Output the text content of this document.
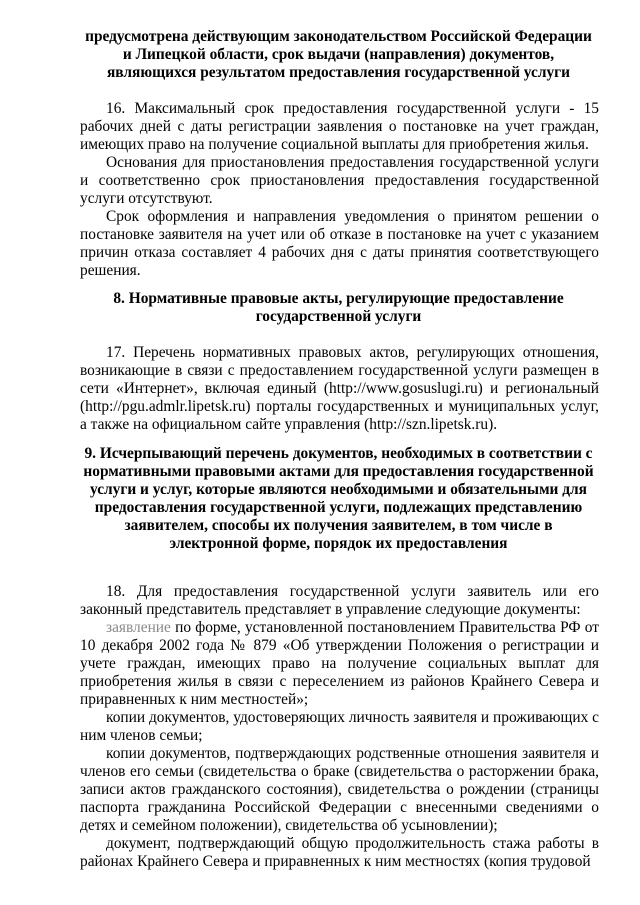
предусмотрена действующим законодательством Российской Федерации и Липецкой области, срок выдачи (направления) документов, являющихся результатом предоставления государственной услуги
16. Максимальный срок предоставления государственной услуги - 15 рабочих дней с даты регистрации заявления о постановке на учет граждан, имеющих право на получение социальной выплаты для приобретения жилья.
Основания для приостановления предоставления государственной услуги и соответственно срок приостановления предоставления государственной услуги отсутствуют.
Срок оформления и направления уведомления о принятом решении о постановке заявителя на учет или об отказе в постановке на учет с указанием причин отказа составляет 4 рабочих дня с даты принятия соответствующего решения.
8. Нормативные правовые акты, регулирующие предоставление государственной услуги
17. Перечень нормативных правовых актов, регулирующих отношения, возникающие в связи с предоставлением государственной услуги размещен в сети «Интернет», включая единый (http://www.gosuslugi.ru) и региональный (http://pgu.admlr.lipetsk.ru) порталы государственных и муниципальных услуг, а также на официальном сайте управления (http://szn.lipetsk.ru).
9. Исчерпывающий перечень документов, необходимых в соответствии с нормативными правовыми актами для предоставления государственной услуги и услуг, которые являются необходимыми и обязательными для предоставления государственной услуги, подлежащих представлению заявителем, способы их получения заявителем, в том числе в электронной форме, порядок их предоставления
18. Для предоставления государственной услуги заявитель или его законный представитель представляет в управление следующие документы:
заявление по форме, установленной постановлением Правительства РФ от 10 декабря 2002 года № 879 «Об утверждении Положения о регистрации и учете граждан, имеющих право на получение социальных выплат для приобретения жилья в связи с переселением из районов Крайнего Севера и приравненных к ним местностей»;
копии документов, удостоверяющих личность заявителя и проживающих с ним членов семьи;
копии документов, подтверждающих родственные отношения заявителя и членов его семьи (свидетельства о браке (свидетельства о расторжении брака, записи актов гражданского состояния), свидетельства о рождении (страницы паспорта гражданина Российской Федерации с внесенными сведениями о детях и семейном положении), свидетельства об усыновлении);
документ, подтверждающий общую продолжительность стажа работы в районах Крайнего Севера и приравненных к ним местностях (копия трудовой
